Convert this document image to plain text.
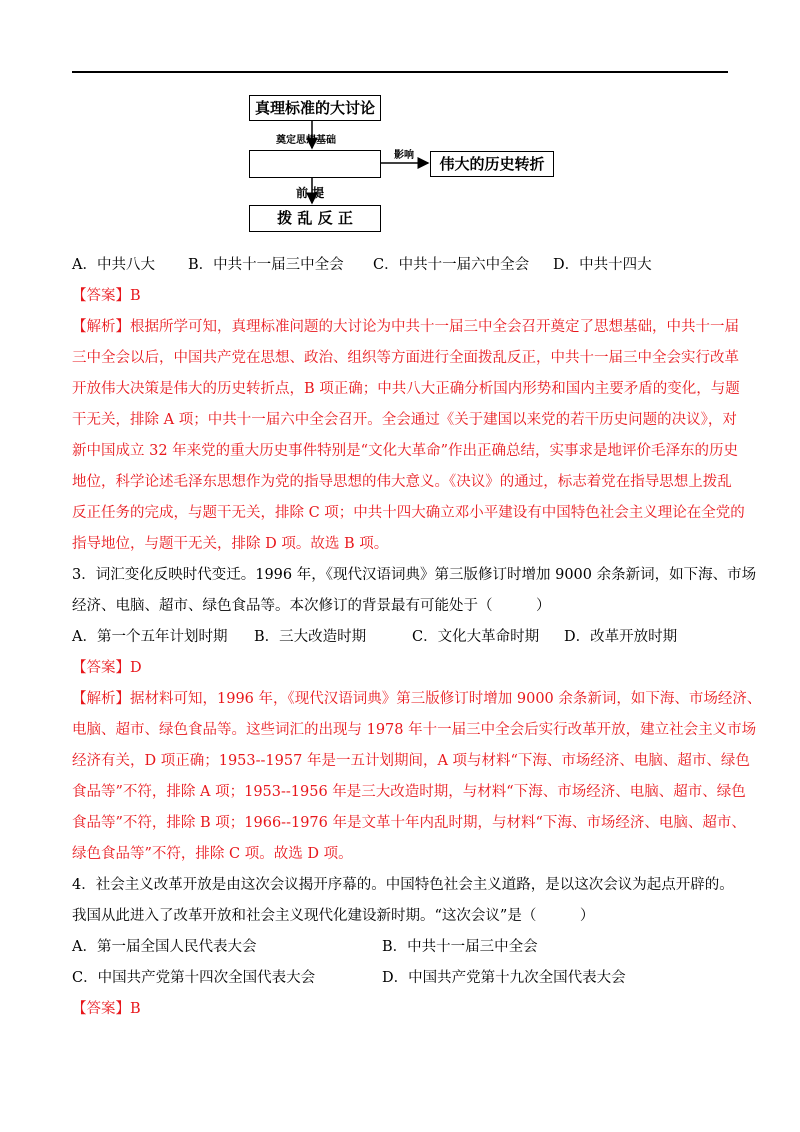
真理标准的大讨论
奠定思想基础
影响	伟大的历史转折
前 提
拨 乱 反 正
A．中共八大 B．中共十一届三中全会 C．中共十一届六中全会 D．中共十四大
【答案】B
【解析】根据所学可知，真理标准问题的大讨论为中共十一届三中全会召开奠定了思想基础，中共十一届
三中全会以后，中国共产党在思想、政治、组织等方面进行全面拨乱反正，中共十一届三中全会实行改革
开放伟大决策是伟大的历史转折点，B 项正确；中共八大正确分析国内形势和国内主要矛盾的变化，与题
干无关，排除 A 项；中共十一届六中全会召开。全会通过《关于建国以来党的若干历史问题的决议》，对
新中国成立 32 年来党的重大历史事件特别是“文化大革命”作出正确总结，实事求是地评价毛泽东的历史
地位，科学论述毛泽东思想作为党的指导思想的伟大意义。《决议》的通过，标志着党在指导思想上拨乱
反正任务的完成，与题干无关，排除 C 项；中共十四大确立邓小平建设有中国特色社会主义理论在全党的
指导地位，与题干无关，排除 D 项。故选 B 项。
3．词汇变化反映时代变迁。1996 年，《现代汉语词典》第三版修订时增加 9000 余条新词，如下海、市场
经济、电脑、超市、绿色食品等。本次修订的背景最有可能处于（　　　）
A．第一个五年计划时期 B．三大改造时期	C．文化大革命时期 D．改革开放时期
【答案】D
【解析】据材料可知，1996 年，《现代汉语词典》第三版修订时增加 9000 余条新词，如下海、市场经济、
电脑、超市、绿色食品等。这些词汇的出现与 1978 年十一届三中全会后实行改革开放，建立社会主义市场
经济有关，D 项正确；1953--1957 年是一五计划期间，A 项与材料“下海、市场经济、电脑、超市、绿色
食品等”不符，排除 A 项；1953--1956 年是三大改造时期，与材料“下海、市场经济、电脑、超市、绿色
食品等”不符，排除 B 项；1966--1976 年是文革十年内乱时期，与材料“下海、市场经济、电脑、超市、
绿色食品等”不符，排除 C 项。故选 D 项。
4．社会主义改革开放是由这次会议揭开序幕的。中国特色社会主义道路，是以这次会议为起点开辟的。
我国从此进入了改革开放和社会主义现代化建设新时期。“这次会议”是（　　　）
A．第一届全国人民代表大会	B．中共十一届三中全会
C．中国共产党第十四次全国代表大会	D．中国共产党第十九次全国代表大会
【答案】B
